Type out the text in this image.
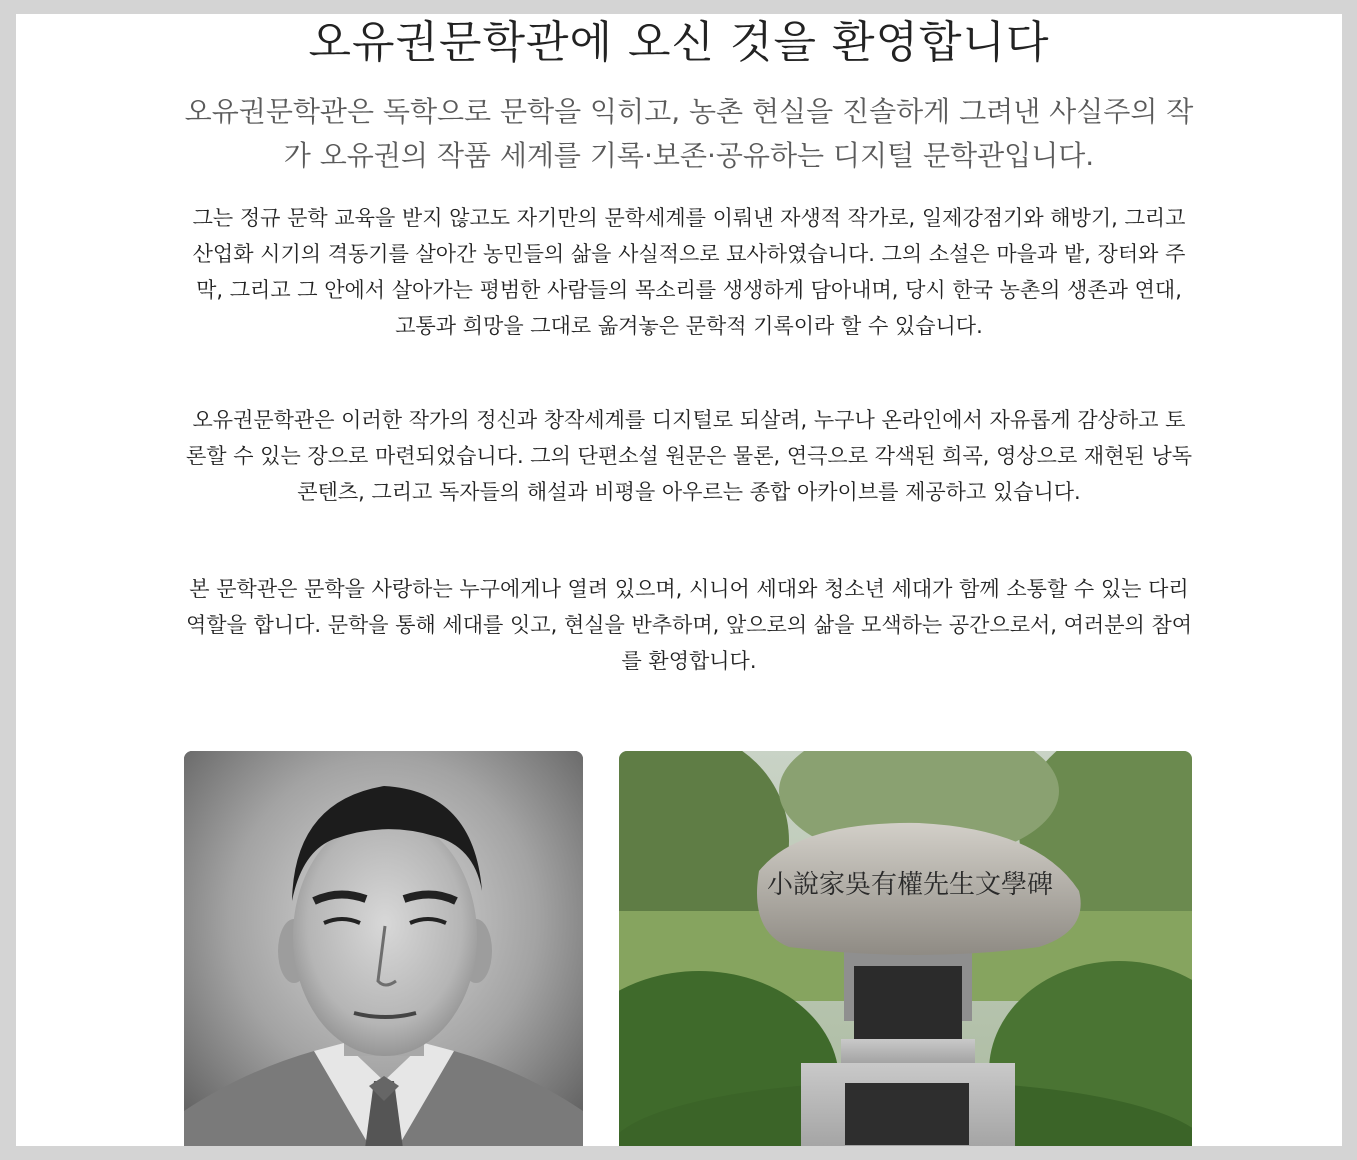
오유권문학관에 오신 것을 환영합니다

오유권문학관은 독학으로 문학을 익히고, 농촌 현실을 진솔하게 그려낸 사실주의 작가 오유권의 작품 세계를 기록·보존·공유하는 디지털 문학관입니다.

그는 정규 문학 교육을 받지 않고도 자기만의 문학세계를 이뤄낸 자생적 작가로, 일제강점기와 해방기, 그리고 산업화 시기의 격동기를 살아간 농민들의 삶을 사실적으로 묘사하였습니다. 그의 소설은 마을과 밭, 장터와 주막, 그리고 그 안에서 살아가는 평범한 사람들의 목소리를 생생하게 담아내며, 당시 한국 농촌의 생존과 연대, 고통과 희망을 그대로 옮겨놓은 문학적 기록이라 할 수 있습니다.

오유권문학관은 이러한 작가의 정신과 창작세계를 디지털로 되살려, 누구나 온라인에서 자유롭게 감상하고 토론할 수 있는 장으로 마련되었습니다. 그의 단편소설 원문은 물론, 연극으로 각색된 희곡, 영상으로 재현된 낭독 콘텐츠, 그리고 독자들의 해설과 비평을 아우르는 종합 아카이브를 제공하고 있습니다.

본 문학관은 문학을 사랑하는 누구에게나 열려 있으며, 시니어 세대와 청소년 세대가 함께 소통할 수 있는 다리 역할을 합니다. 문학을 통해 세대를 잇고, 현실을 반추하며, 앞으로의 삶을 모색하는 공간으로서, 여러분의 참여를 환영합니다.

小說家吳有權先生文學碑
